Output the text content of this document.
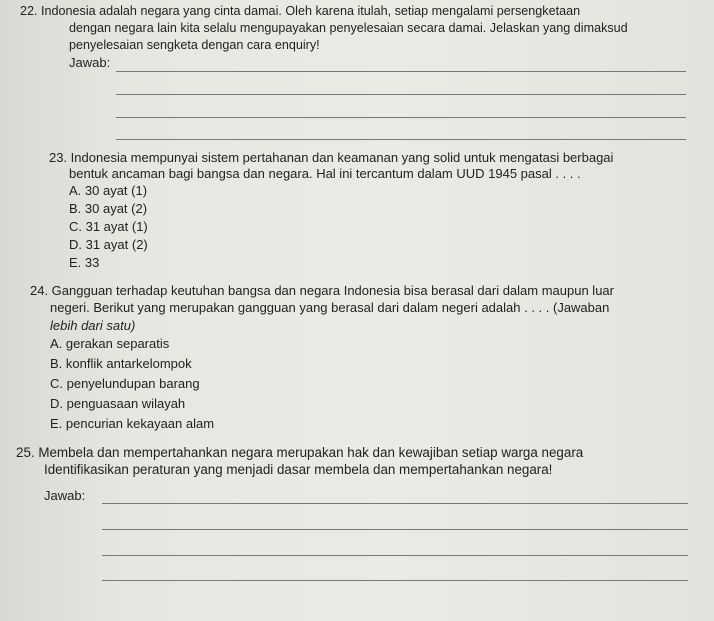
22. Indonesia adalah negara yang cinta damai. Oleh karena itulah, setiap mengalami persengketaan
dengan negara lain kita selalu mengupayakan penyelesaian secara damai. Jelaskan yang dimaksud
penyelesaian sengketa dengan cara enquiry!
Jawab:
23. Indonesia mempunyai sistem pertahanan dan keamanan yang solid untuk mengatasi berbagai
bentuk ancaman bagi bangsa dan negara. Hal ini tercantum dalam UUD 1945 pasal . . . .
A. 30 ayat (1)
B. 30 ayat (2)
C. 31 ayat (1)
D. 31 ayat (2)
E. 33
24. Gangguan terhadap keutuhan bangsa dan negara Indonesia bisa berasal dari dalam maupun luar
negeri. Berikut yang merupakan gangguan yang berasal dari dalam negeri adalah . . . . (Jawaban
lebih dari satu)
A. gerakan separatis
B. konflik antarkelompok
C. penyelundupan barang
D. penguasaan wilayah
E. pencurian kekayaan alam
25. Membela dan mempertahankan negara merupakan hak dan kewajiban setiap warga negara
Identifikasikan peraturan yang menjadi dasar membela dan mempertahankan negara!
Jawab:
